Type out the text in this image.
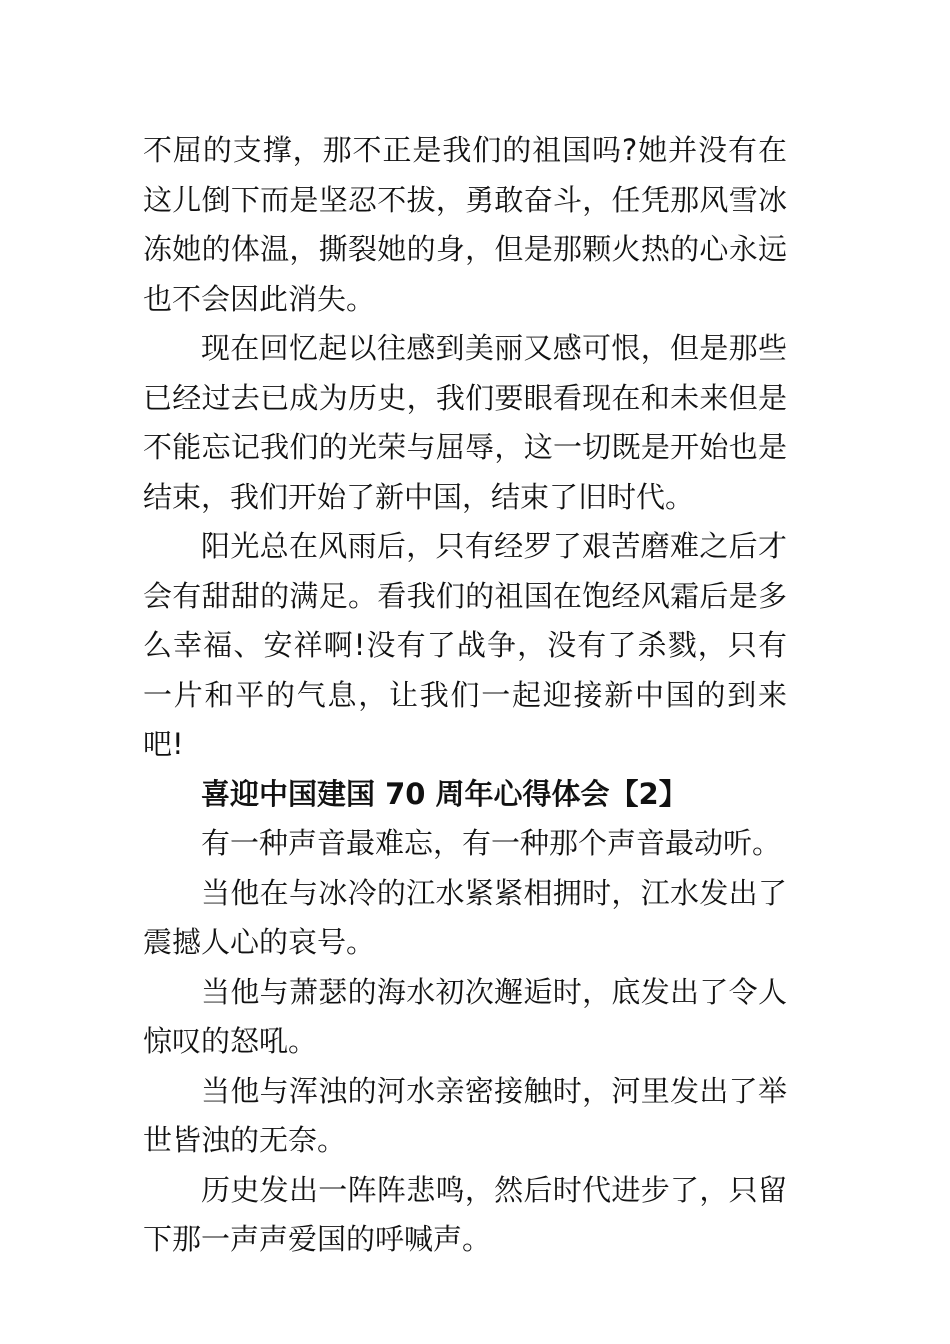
不屈的支撑，那不正是我们的祖国吗?她并没有在这儿倒下而是坚忍不拔，勇敢奋斗，任凭那风雪冰冻她的体温，撕裂她的身，但是那颗火热的心永远也不会因此消失。

现在回忆起以往感到美丽又感可恨，但是那些已经过去已成为历史，我们要眼看现在和未来但是不能忘记我们的光荣与屈辱，这一切既是开始也是结束，我们开始了新中国，结束了旧时代。

阳光总在风雨后，只有经罗了艰苦磨难之后才会有甜甜的满足。看我们的祖国在饱经风霜后是多么幸福、安祥啊!没有了战争，没有了杀戮，只有一片和平的气息，让我们一起迎接新中国的到来吧!

喜迎中国建国 70 周年心得体会【2】

有一种声音最难忘，有一种那个声音最动听。

当他在与冰冷的江水紧紧相拥时，江水发出了震撼人心的哀号。

当他与萧瑟的海水初次邂逅时，底发出了令人惊叹的怒吼。

当他与浑浊的河水亲密接触时，河里发出了举世皆浊的无奈。

历史发出一阵阵悲鸣，然后时代进步了，只留下那一声声爱国的呼喊声。
